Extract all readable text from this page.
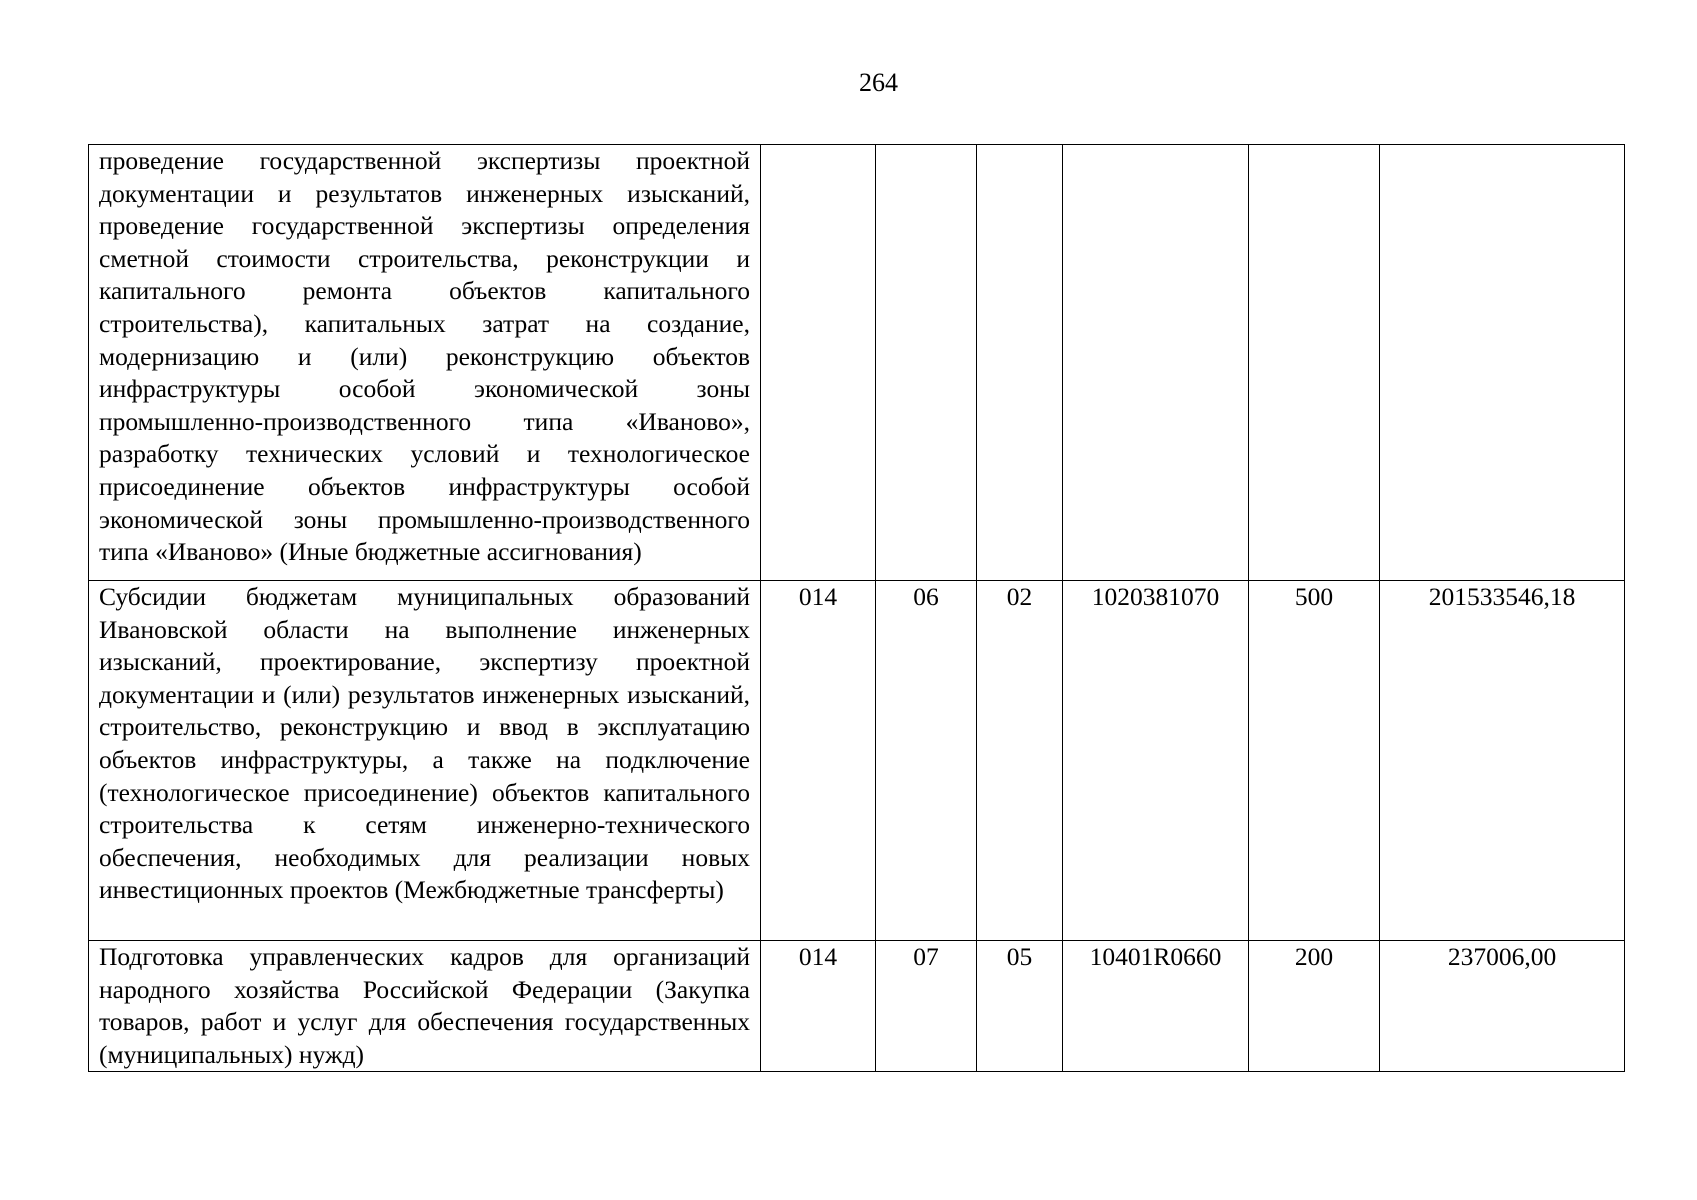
264
проведение государственной экспертизы проектной документации и результатов инженерных изысканий, проведение государственной экспертизы определения сметной стоимости строительства, реконструкции и капитального ремонта объектов капитального строительства), капитальных затрат на создание, модернизацию и (или) реконструкцию объектов инфраструктуры особой экономической зоны промышленно-производственного типа «Иваново», разработку технических условий и технологическое присоединение объектов инфраструктуры особой экономической зоны промышленно-производственного типа «Иваново» (Иные бюджетные ассигнования)						
Субсидии бюджетам муниципальных образований Ивановской области на выполнение инженерных изысканий, проектирование, экспертизу проектной документации и (или) результатов инженерных изысканий, строительство, реконструкцию и ввод в эксплуатацию объектов инфраструктуры, а также на подключение (технологическое присоединение) объектов капитального строительства к сетям инженерно-технического обеспечения, необходимых для реализации новых инвестиционных проектов (Межбюджетные трансферты)	014	06	02	1020381070	500	201533546,18
Подготовка управленческих кадров для организаций народного хозяйства Российской Федерации (Закупка товаров, работ и услуг для обеспечения государственных (муниципальных) нужд)	014	07	05	10401R0660	200	237006,00
